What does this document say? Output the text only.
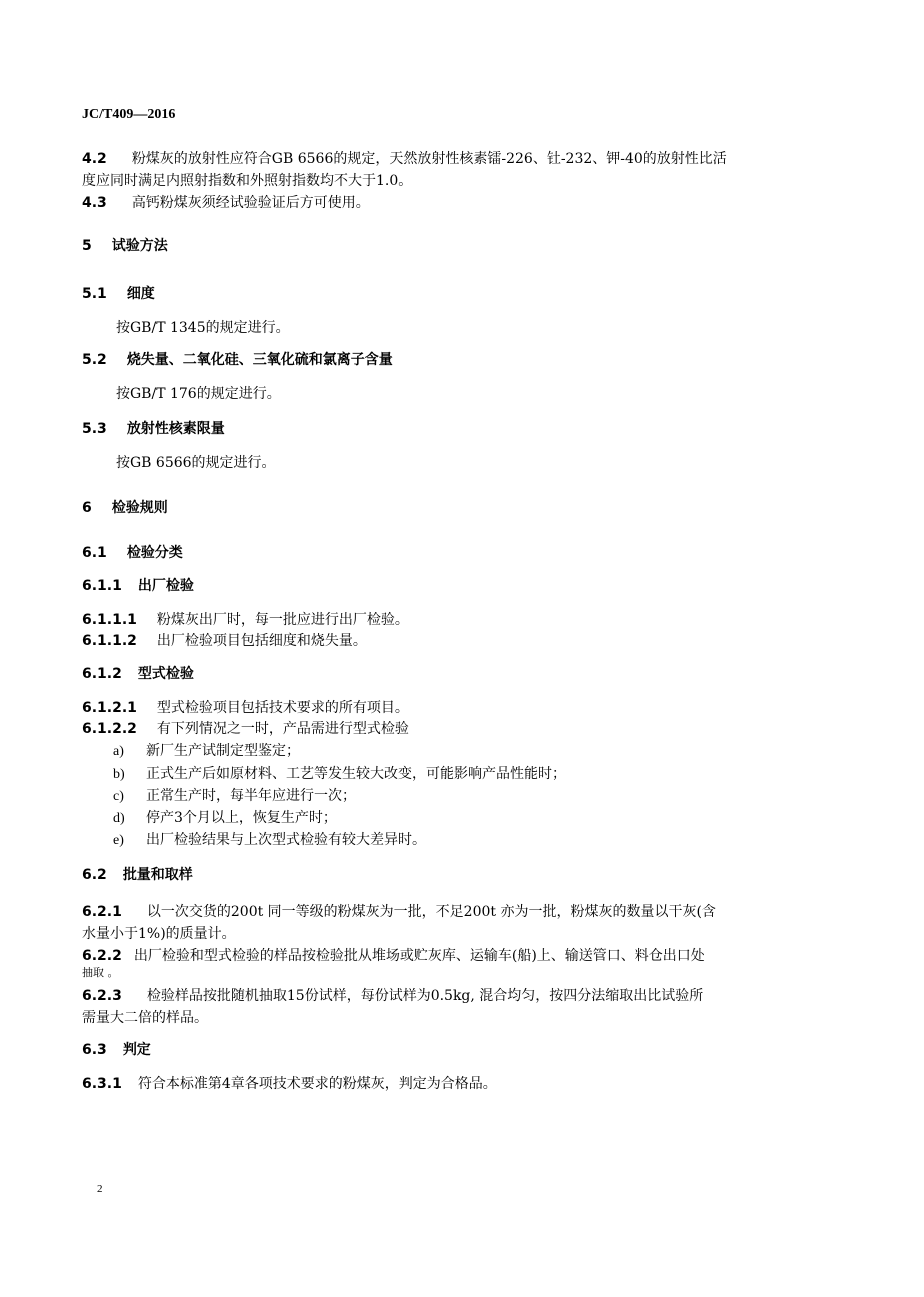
JC/T409—2016
4.2 粉煤灰的放射性应符合GB 6566的规定，天然放射性核素镭-226、钍-232、钾-40的放射性比活
度应同时满足内照射指数和外照射指数均不大于1.0。
4.3 高钙粉煤灰须经试验验证后方可使用。
5 试验方法
5.1 细度
按GB/T 1345的规定进行。
5.2 烧失量、二氧化硅、三氧化硫和氯离子含量
按GB/T 176的规定进行。
5.3 放射性核素限量
按GB 6566的规定进行。
6 检验规则
6.1 检验分类
6.1.1 出厂检验
6.1.1.1 粉煤灰出厂时，每一批应进行出厂检验。
6.1.1.2 出厂检验项目包括细度和烧失量。
6.1.2 型式检验
6.1.2.1 型式检验项目包括技术要求的所有项目。
6.1.2.2 有下列情况之一时，产品需进行型式检验
a) 新厂生产试制定型鉴定；
b) 正式生产后如原材料、工艺等发生较大改变，可能影响产品性能时；
c) 正常生产时，每半年应进行一次；
d) 停产3个月以上，恢复生产时；
e) 出厂检验结果与上次型式检验有较大差异时。
6.2 批量和取样
6.2.1 以一次交货的200t 同一等级的粉煤灰为一批，不足200t 亦为一批，粉煤灰的数量以干灰(含
水量小于1%)的质量计。
6.2.2 出厂检验和型式检验的样品按检验批从堆场或贮灰库、运输车(船)上、输送管口、料仓出口处
抽取 。
6.2.3 检验样品按批随机抽取15份试样，每份试样为0.5kg, 混合均匀，按四分法缩取出比试验所
需量大二倍的样品。
6.3 判定
6.3.1 符合本标准第4章各项技术要求的粉煤灰，判定为合格品。
2
